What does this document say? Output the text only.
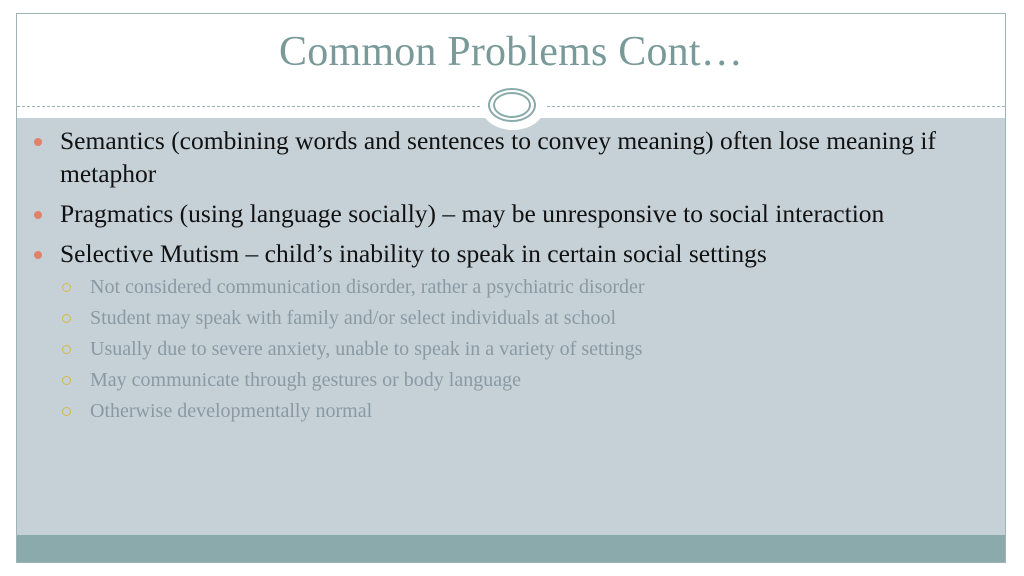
Common Problems Cont…
Semantics (combining words and sentences to convey meaning) often lose meaning if metaphor
Pragmatics (using language socially) – may be unresponsive to social interaction
Selective Mutism – child’s inability to speak in certain social settings
Not considered communication disorder, rather a psychiatric disorder
Student may speak with family and/or select individuals at school
Usually due to severe anxiety, unable to speak in a variety of settings
May communicate through gestures or body language
Otherwise developmentally normal
